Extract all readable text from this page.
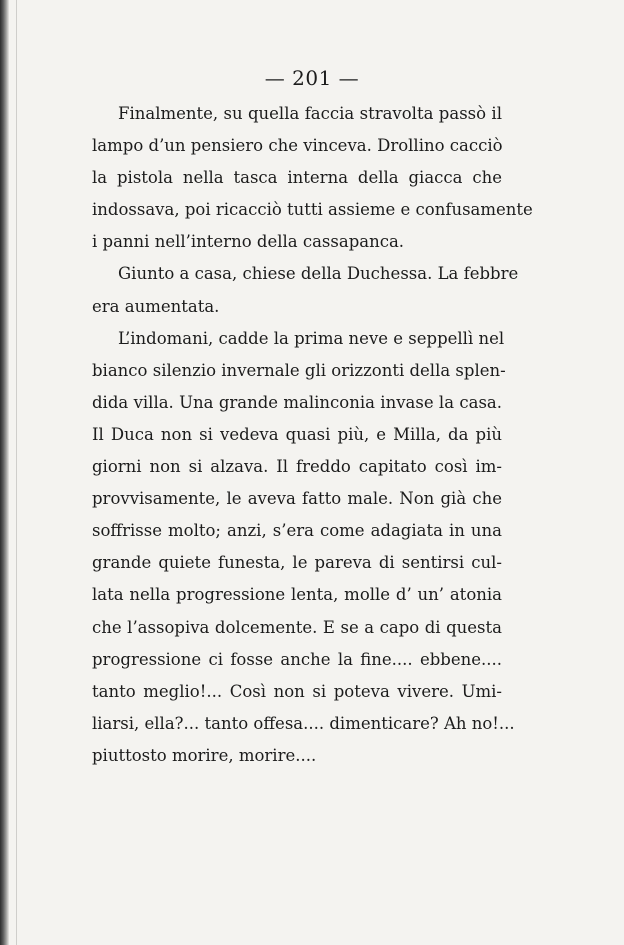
— 201 —
Finalmente, su quella faccia stravolta passò il
lampo d’un pensiero che vinceva. Drollino cacciò
la pistola nella tasca interna della giacca che
indossava, poi ricacciò tutti assieme e confusamente
i panni nell’interno della cassapanca.
Giunto a casa, chiese della Duchessa. La febbre
era aumentata.
L’indomani, cadde la prima neve e seppellì nel
bianco silenzio invernale gli orizzonti della splen-
dida villa. Una grande malinconia invase la casa.
Il Duca non si vedeva quasi più, e Milla, da più
giorni non si alzava. Il freddo capitato così im-
provvisamente, le aveva fatto male. Non già che
soffrisse molto; anzi, s’era come adagiata in una
grande quiete funesta, le pareva di sentirsi cul-
lata nella progressione lenta, molle d’ un’ atonia
che l’assopiva dolcemente. E se a capo di questa
progressione ci fosse anche la fine.... ebbene....
tanto meglio!... Così non si poteva vivere. Umi-
liarsi, ella?... tanto offesa.... dimenticare? Ah no!...
piuttosto morire, morire....
